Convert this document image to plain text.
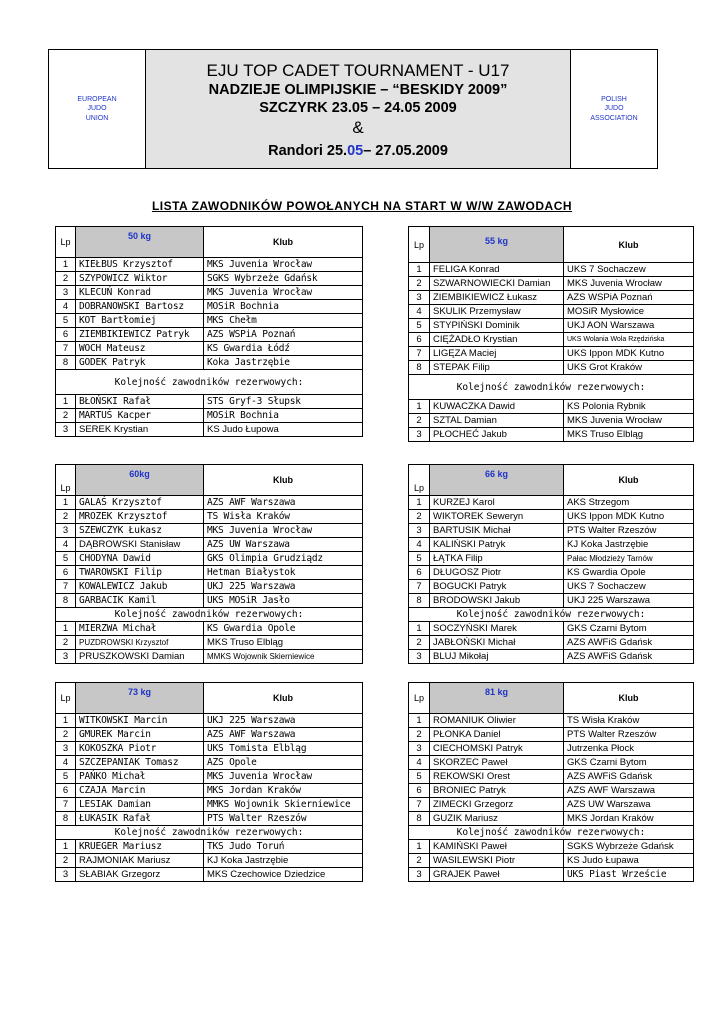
EUROPEAN
JUDO
UNION
EJU TOP CADET TOURNAMENT - U17
NADZIEJE OLIMPIJSKIE – “BESKIDY 2009”
SZCZYRK 23.05 – 24.05 2009
&
Randori 25.05– 27.05.2009
POLISH
JUDO
ASSOCIATION
LISTA ZAWODNIKÓW POWOŁANYCH NA START W W/W ZAWODACH
Lp	50 kg	Klub
1	KIEŁBUS Krzysztof	MKS Juvenia Wrocław
2	SZYPOWICZ Wiktor	SGKS Wybrzeże Gdańsk
3	KLECUŃ Konrad	MKS Juvenia Wrocław
4	DOBRANOWSKI Bartosz	MOSiR Bochnia
5	KOT Bartłomiej	MKS Chełm
6	ZIEMBIKIEWICZ Patryk	AZS WSPiA Poznań
7	WOCH Mateusz	KS Gwardia Łódź
8	GODEK Patryk	Koka Jastrzębie
Kolejność zawodników rezerwowych:		
1	BŁOŃSKI Rafał	STS Gryf-3 Słupsk
2	MARTUŚ Kacper	MOSiR Bochnia
3	SEREK Krystian	KS Judo Łupowa
Lp	55 kg	Klub
1	FELIGA Konrad	UKS 7 Sochaczew
2	SZWARNOWIECKI Damian	MKS Juvenia Wrocław
3	ZIEMBIKIEWICZ Łukasz	AZS WSPiA Poznań
4	SKULIK Przemysław	MOSiR Mysłowice
5	STYPIŃSKI Dominik	UKJ AON Warszawa
6	CIĘŻADŁO Krystian	UKS Wolania Wola Rzędzińska
7	LIGĘZA Maciej	UKS Ippon MDK Kutno
8	STEPAK Filip	UKS Grot Kraków
Kolejność zawodników rezerwowych:		
1	KUWACZKA Dawid	KS Polonia Rybnik
2	SZTAL Damian	MKS Juvenia Wrocław
3	PŁOCHEĆ Jakub	MKS Truso Elbląg
Lp	60kg	Klub
1	GALAŚ Krzysztof	AZS AWF Warszawa
2	MROZEK Krzysztof	TS Wisła Kraków
3	SZEWCZYK Łukasz	MKS Juvenia Wrocław
4	DĄBROWSKI Stanisław	AZS UW Warszawa
5	CHODYNA Dawid	GKS Olimpia Grudziądz
6	TWAROWSKI Filip	Hetman Białystok
7	KOWALEWICZ Jakub	UKJ 225 Warszawa
8	GARBACIK Kamil	UKS MOSiR Jasło
Kolejność zawodników rezerwowych:		
1	MIERZWA Michał	KS Gwardia Opole
2	PUZDROWSKI Krzysztof	MKS Truso Elbląg
3	PRUSZKOWSKI Damian	MMKS Wojownik Skierniewice
Lp	66 kg	Klub
1	KURZEJ Karol	AKS Strzegom
2	WIKTOREK Seweryn	UKS Ippon MDK Kutno
3	BARTUSIK Michał	PTS Walter Rzeszów
4	KALIŃSKI Patryk	KJ Koka Jastrzębie
5	ŁĄTKA Filip	Pałac Młodzieży Tarnów
6	DŁUGOSZ Piotr	KS Gwardia Opole
7	BOGUCKI Patryk	UKS 7 Sochaczew
8	BRODOWSKI Jakub	UKJ 225 Warszawa
Kolejność zawodników rezerwowych:		
1	SOCZYŃSKI Marek	GKS Czarni Bytom
2	JABŁOŃSKI Michał	AZS AWFiS Gdańsk
3	BLUJ Mikołaj	AZS AWFiS Gdańsk
Lp	73 kg	Klub
1	WITKOWSKI Marcin	UKJ 225 Warszawa
2	GMUREK Marcin	AZS AWF Warszawa
3	KOKOSZKA Piotr	UKS Tomista Elbląg
4	SZCZEPANIAK Tomasz	AZS Opole
5	PAŃKO Michał	MKS Juvenia Wrocław
6	CZAJA Marcin	MKS Jordan Kraków
7	LESIAK Damian	MMKS Wojownik Skierniewice
8	ŁUKASIK Rafał	PTS Walter Rzeszów
Kolejność zawodników rezerwowych:		
1	KRUEGER Mariusz	TKS Judo Toruń
2	RAJMONIAK Mariusz	KJ Koka Jastrzębie
3	SŁABIAK Grzegorz	MKS Czechowice Dziedzice
Lp	81 kg	Klub
1	ROMANIUK Oliwier	TS Wisła Kraków
2	PŁONKA Daniel	PTS Walter Rzeszów
3	CIECHOMSKI Patryk	Jutrzenka Płock
4	SKORZEC Paweł	GKS Czarni Bytom
5	REKOWSKI Orest	AZS AWFiS Gdańsk
6	BRONIEC Patryk	AZS AWF Warszawa
7	ZIMECKI Grzegorz	AZS UW Warszawa
8	GUZIK Mariusz	MKS Jordan Kraków
Kolejność zawodników rezerwowych:		
1	KAMIŃSKI Paweł	SGKS Wybrzeże Gdańsk
2	WASILEWSKI Piotr	KS Judo Łupawa
3	GRAJEK Paweł	UKS Piast Wrzeście
